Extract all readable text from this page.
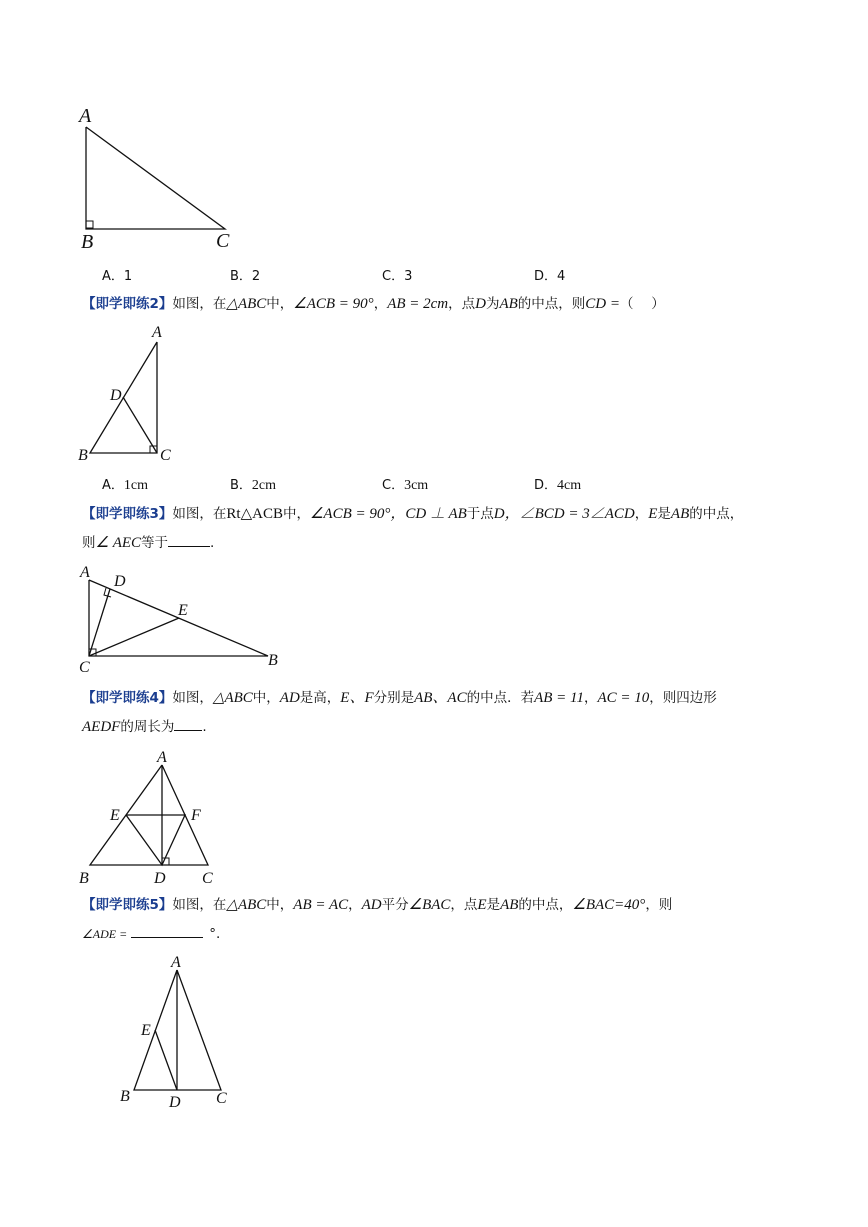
A
B	C
A．1	B．2	C．3	D．4
【即学即练2】如图，在△ABC中，∠ACB = 90°，AB = 2cm，点D为AB的中点，则CD =（　 ）
A
D
B	C
A．1cm	B．2cm	C．3cm	D．4cm
【即学即练3】如图，在Rt△ACB中，∠ACB = 90°，CD ⊥ AB于点D，∠BCD = 3∠ACD，E是AB的中点，
则∠ AEC等于	.
A
D
E
C	B
【即学即练4】如图，△ABC中，AD是高，E、F分别是AB、AC的中点．若AB = 11，AC = 10，则四边形
AEDF的周长为 .
A
E	F
B	D C
【即学即练5】如图，在△ABC中，AB = AC，AD平分∠BAC，点E是AB的中点，∠BAC=40°，则
∠ADE =	°.
A
E
B D C
